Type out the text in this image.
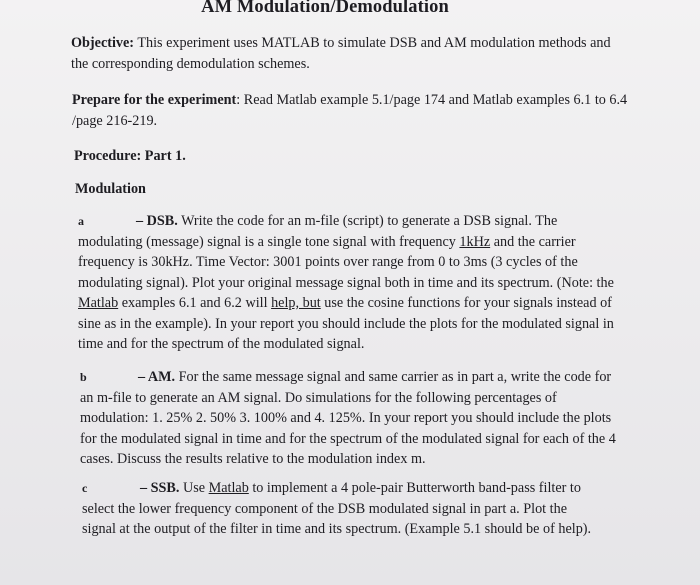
AM Modulation/Demodulation

Objective: This experiment uses MATLAB to simulate DSB and AM modulation methods and the corresponding demodulation schemes.

Prepare for the experiment: Read Matlab example 5.1/page 174 and Matlab examples 6.1 to 6.4 /page 216-219.

Procedure: Part 1.

Modulation

a	– DSB. Write the code for an m-file (script) to generate a DSB signal. The modulating (message) signal is a single tone signal with frequency 1kHz and the carrier frequency is 30kHz. Time Vector: 3001 points over range from 0 to 3ms (3 cycles of the modulating signal). Plot your original message signal both in time and its spectrum. (Note: the Matlab examples 6.1 and 6.2 will help, but use the cosine functions for your signals instead of sine as in the example). In your report you should include the plots for the modulated signal in time and for the spectrum of the modulated signal.

b	– AM. For the same message signal and same carrier as in part a, write the code for an m-file to generate an AM signal. Do simulations for the following percentages of modulation: 1. 25% 2. 50% 3. 100% and 4. 125%. In your report you should include the plots for the modulated signal in time and for the spectrum of the modulated signal for each of the 4 cases. Discuss the results relative to the modulation index m.

c	– SSB. Use Matlab to implement a 4 pole-pair Butterworth band-pass filter to select the lower frequency component of the DSB modulated signal in part a. Plot the signal at the output of the filter in time and its spectrum. (Example 5.1 should be of help).
